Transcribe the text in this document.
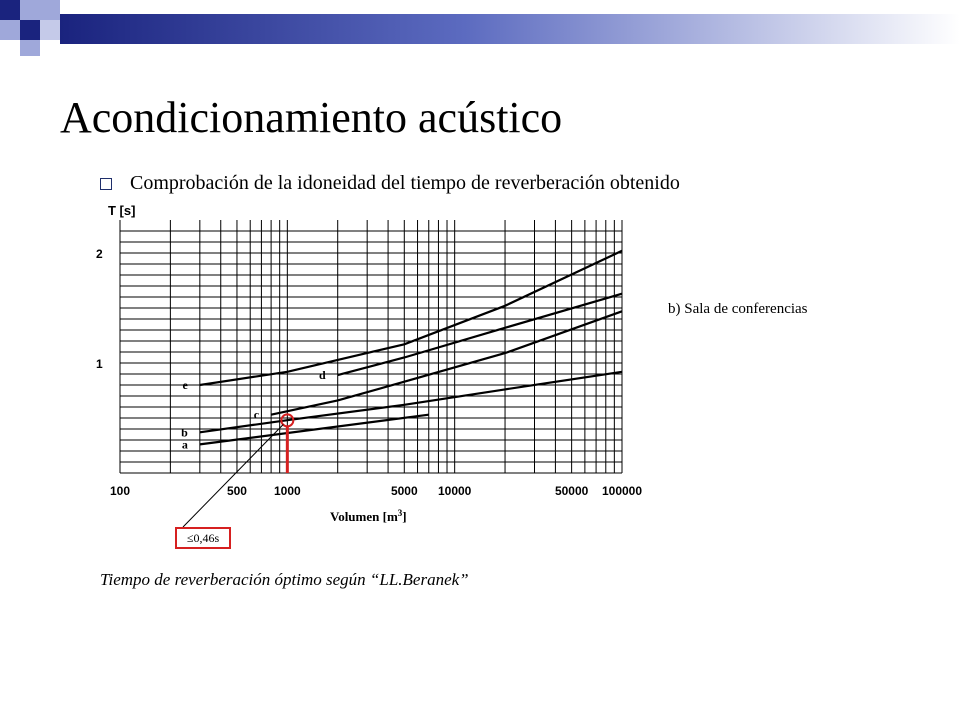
Acondicionamiento acústico
Comprobación de la idoneidad del tiempo de reverberación obtenido
T [s]
Volumen $[m^3]$
1
2
100	500 1000	5000 10000	50000 100000
a
b
c
d
e
b) Sala de conferencias
≤0,46s
Tiempo de reverberación óptimo según “LL.Beranek”
